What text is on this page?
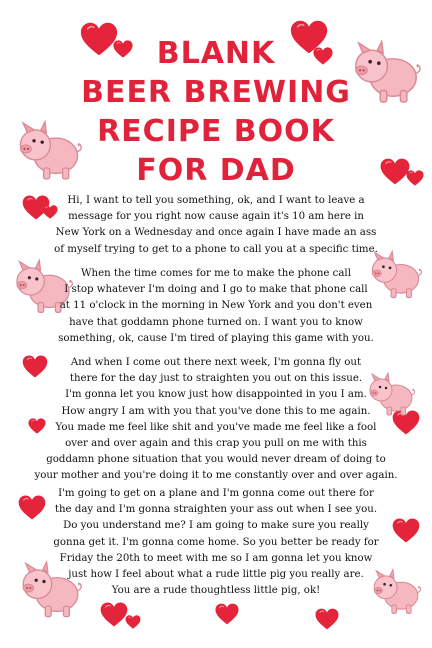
BLANK
BEER BREWING
RECIPE BOOK
FOR DAD
Hi, I want to tell you something, ok, and I want to leave a
message for you right now cause again it's 10 am here in
New York on a Wednesday and once again I have made an ass
of myself trying to get to a phone to call you at a specific time.
When the time comes for me to make the phone call
I stop whatever I'm doing and I go to make that phone call
at 11 o'clock in the morning in New York and you don't even
have that goddamn phone turned on. I want you to know
something, ok, cause I'm tired of playing this game with you.
And when I come out there next week, I'm gonna fly out
there for the day just to straighten you out on this issue.
I'm gonna let you know just how disappointed in you I am.
How angry I am with you that you've done this to me again.
You made me feel like shit and you've made me feel like a fool
over and over again and this crap you pull on me with this
goddamn phone situation that you would never dream of doing to
your mother and you're doing it to me constantly over and over again.
I'm going to get on a plane and I'm gonna come out there for
the day and I'm gonna straighten your ass out when I see you.
Do you understand me? I am going to make sure you really
gonna get it. I'm gonna come home. So you better be ready for
Friday the 20th to meet with me so I am gonna let you know
just how I feel about what a rude little pig you really are.
You are a rude thoughtless little pig, ok!
